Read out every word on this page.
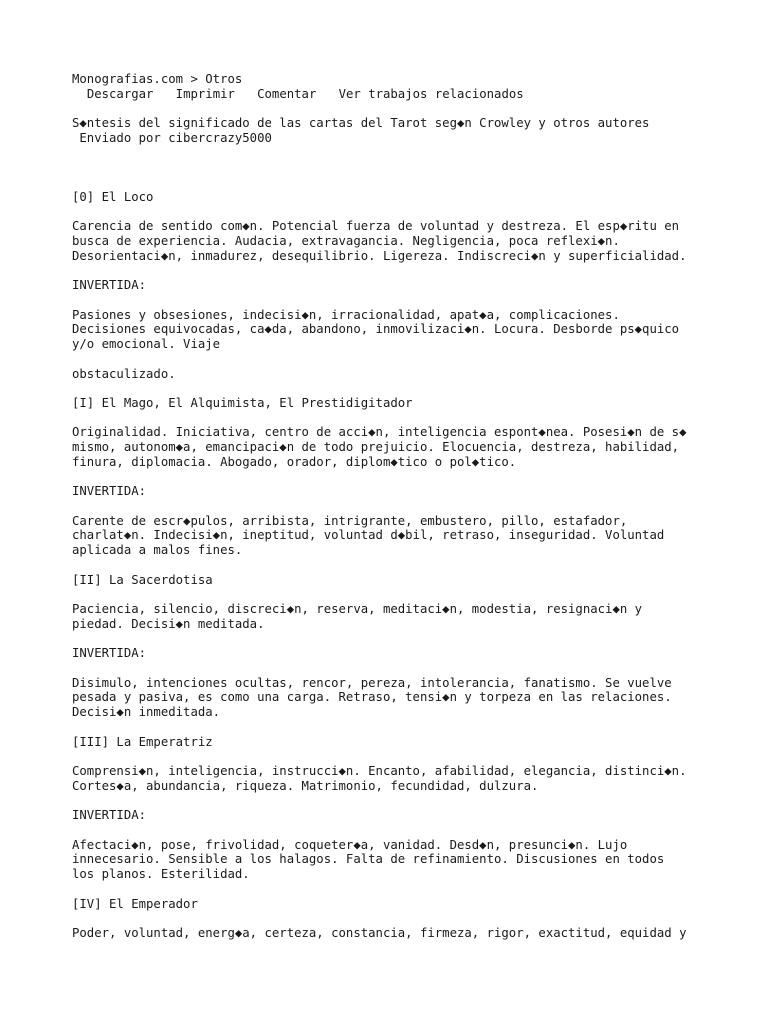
Monografias.com > Otros
Descargar Imprimir Comentar Ver trabajos relacionados
S◆ntesis del significado de las cartas del Tarot seg◆n Crowley y otros autores
Enviado por cibercrazy5000
[0] El Loco
Carencia de sentido com◆n. Potencial fuerza de voluntad y destreza. El esp◆ritu en
busca de experiencia. Audacia, extravagancia. Negligencia, poca reflexi◆n.
Desorientaci◆n, inmadurez, desequilibrio. Ligereza. Indiscreci◆n y superficialidad.
INVERTIDA:
Pasiones y obsesiones, indecisi◆n, irracionalidad, apat◆a, complicaciones.
Decisiones equivocadas, ca◆da, abandono, inmovilizaci◆n. Locura. Desborde ps◆quico
y/o emocional. Viaje
obstaculizado.
[I] El Mago, El Alquimista, El Prestidigitador
Originalidad. Iniciativa, centro de acci◆n, inteligencia espont◆nea. Posesi◆n de s◆
mismo, autonom◆a, emancipaci◆n de todo prejuicio. Elocuencia, destreza, habilidad,
finura, diplomacia. Abogado, orador, diplom◆tico o pol◆tico.
INVERTIDA:
Carente de escr◆pulos, arribista, intrigrante, embustero, pillo, estafador,
charlat◆n. Indecisi◆n, ineptitud, voluntad d◆bil, retraso, inseguridad. Voluntad
aplicada a malos fines.
[II] La Sacerdotisa
Paciencia, silencio, discreci◆n, reserva, meditaci◆n, modestia, resignaci◆n y
piedad. Decisi◆n meditada.
INVERTIDA:
Disimulo, intenciones ocultas, rencor, pereza, intolerancia, fanatismo. Se vuelve
pesada y pasiva, es como una carga. Retraso, tensi◆n y torpeza en las relaciones.
Decisi◆n inmeditada.
[III] La Emperatriz
Comprensi◆n, inteligencia, instrucci◆n. Encanto, afabilidad, elegancia, distinci◆n.
Cortes◆a, abundancia, riqueza. Matrimonio, fecundidad, dulzura.
INVERTIDA:
Afectaci◆n, pose, frivolidad, coqueter◆a, vanidad. Desd◆n, presunci◆n. Lujo
innecesario. Sensible a los halagos. Falta de refinamiento. Discusiones en todos
los planos. Esterilidad.
[IV] El Emperador
Poder, voluntad, energ◆a, certeza, constancia, firmeza, rigor, exactitud, equidad y
